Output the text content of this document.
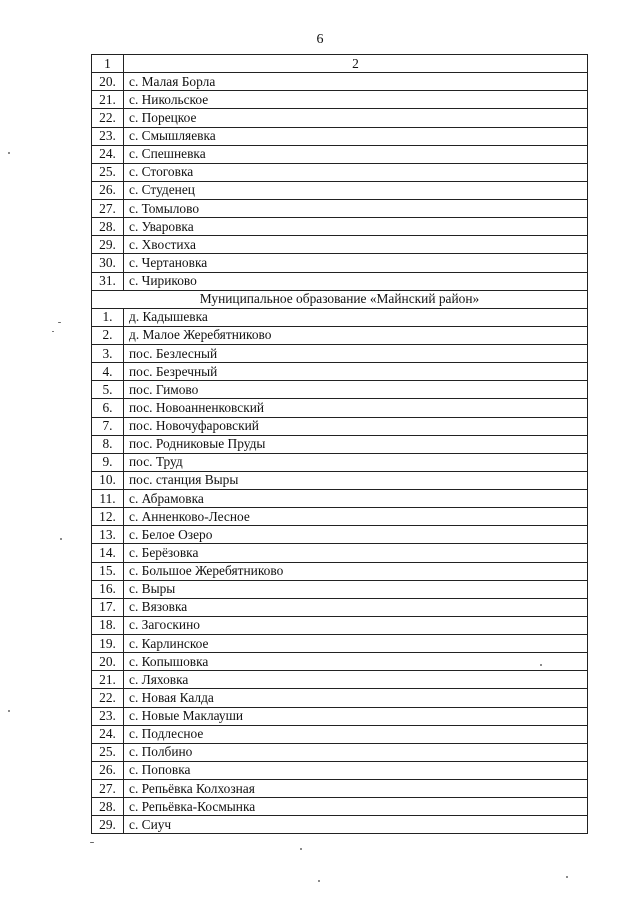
6
1	2
20.	с. Малая Борла
21.	с. Никольское
22.	с. Порецкое
23.	с. Смышляевка
24.	с. Спешневка
25.	с. Стоговка
26.	с. Студенец
27.	с. Томылово
28.	с. Уваровка
29.	с. Хвостиха
30.	с. Чертановка
31.	с. Чириково
Муниципальное образование «Майнский район»	
1.	д. Кадышевка
2.	д. Малое Жеребятниково
3.	пос. Безлесный
4.	пос. Безречный
5.	пос. Гимово
6.	пос. Новоанненковский
7.	пос. Новочуфаровский
8.	пос. Родниковые Пруды
9.	пос. Труд
10.	пос. станция Выры
11.	с. Абрамовка
12.	с. Анненково-Лесное
13.	с. Белое Озеро
14.	с. Берёзовка
15.	с. Большое Жеребятниково
16.	с. Выры
17.	с. Вязовка
18.	с. Загоскино
19.	с. Карлинское
20.	с. Копышовка
21.	с. Ляховка
22.	с. Новая Калда
23.	с. Новые Маклауши
24.	с. Подлесное
25.	с. Полбино
26.	с. Поповка
27.	с. Репьёвка Колхозная
28.	с. Репьёвка-Космынка
29.	с. Сиуч
